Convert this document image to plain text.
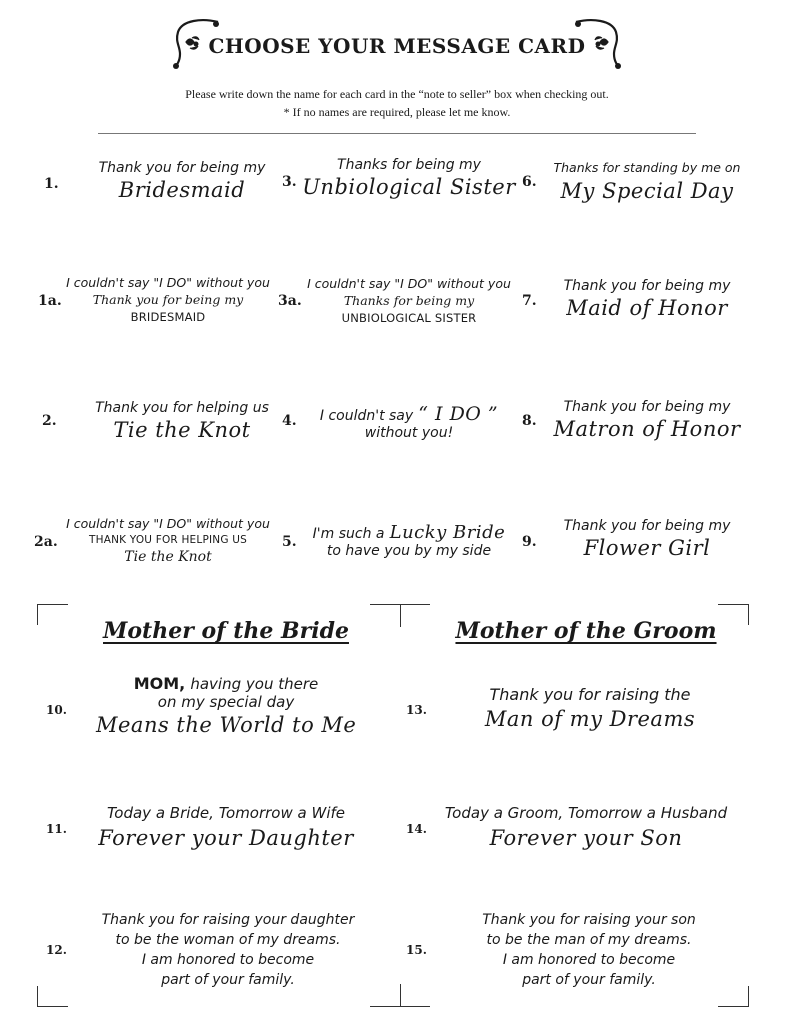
CHOOSE YOUR MESSAGE CARD
Please write down the name for each card in the “note to seller” box when checking out.
* If no names are required, please let me know.
1.
Thank you for being my
Bridesmaid	3.
Thanks for being my
Unbiological Sister 6.
Thanks for standing by me on
My Special Day
1a.
I couldn't say "I DO" without you
Thank you for being my
BRIDESMAID
3a.
I couldn't say "I DO" without you
Thanks for being my
UNBIOLOGICAL SISTER
7.
Thank you for being my
Maid of Honor
2.
Thank you for helping us
Tie the Knot	4.	I couldn't say “ I DO ”
without you!
8.
Thank you for being my
Matron of Honor
2a.
I couldn't say "I DO" without you
THANK YOU FOR HELPING US
Tie the Knot
5.	I'm such a Lucky Bride
to have you by my side
9.
Thank you for being my
Flower Girl
Mother of the Bride	Mother of the Groom
10.
MOM, having you there
on my special day
Means the World to Me
11.
Today a Bride, Tomorrow a Wife
Forever your Daughter
12.
Thank you for raising your daughter
to be the woman of my dreams.
I am honored to become
part of your family.
13.
Thank you for raising the
Man of my Dreams
14.
Today a Groom, Tomorrow a Husband
Forever your Son
15.
Thank you for raising your son
to be the man of my dreams.
I am honored to become
part of your family.
